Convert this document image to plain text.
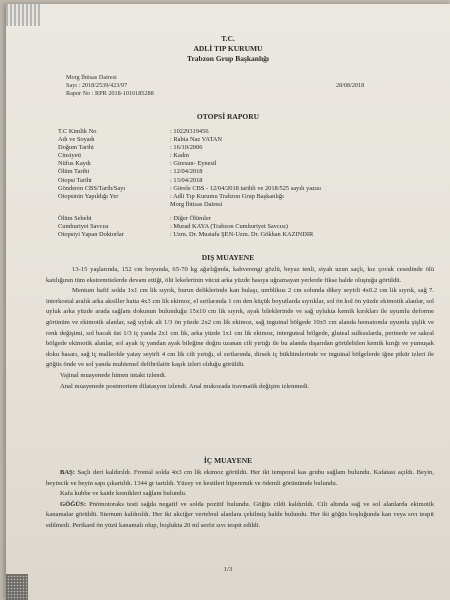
T.C.
ADLİ TIP KURUMU
Trabzon Grup Başkanlığı
Morg İhtisas Dairesi
Sayı : 2018/2539/423/97
Rapor No : RPR 2018-1010185288
28/08/2018
OTOPSİ RAPORU
T.C Kimlik No	: 10229319456
Adı ve Soyadı	: Rabia Naz VATAN
Doğum Tarihi	: 16/10/2006
Cinsiyeti	: Kadın
Nüfus Kaydı	: Giresun- Eynesil
Ölüm Tarihi	: 12/04/2018
Otopsi Tarihi	: 13/04/2018
Gönderen CBS/Tarih/Sayı	: Görele CBS - 12/04/2018 tarihli ve 2018/525 sayılı yazısı
Otopsinin Yapıldığı Yer	: Adli Tıp Kurumu Trabzon Grup Başkanlığı
Morg İhtisas Dairesi
Ölüm Sebebi	: Diğer Ölümler
Cumhuriyet Savcısı	: Murad KAYA (Trabzon Cumhuriyet Savcısı)
Otopsiyi Yapan Doktorlar	: Uzm. Dr. Mustafa ŞEN-Uzm. Dr. Gökhan KAZINDIR
DIŞ MUAYENE

13-15 yaşlarında, 152 cm boyunda, 65-70 kg ağırlığında, kahverengi gözlü, beyaz tenli, siyah uzun saçlı, kız çocuk cesedinde ölü katılığının tüm ekstremitelerde devam ettiği, ölü lekelerinin vücut arka yüzde basıya uğramayan yerlerde fikse halde oluştuğu görüldü.

Mentum hafif solda 1x1 cm lik sıyrık, burun deliklerinde kan bulaşı, umblikus 2 cm solunda dikey seyirli 4x0.2 cm lik sıyrık, sağ 7. interkostal aralık arka aksiller hatta 4x3 cm lik ekimoz, el sırtlarında 1 cm den küçük boyutlarda sıyrıklar, sol ön kol ön yüzde ekimotik alanlar, sol uyluk arka yüzde arada sağlam dokunun bulunduğu 15x10 cm lik sıyrık, ayak bileklerinde ve sağ uylukta kemik kırıkları ile uyumlu deforme görünüm ve ekimotik alanlar, sağ uyluk alt 1/3 ön yüzde 2x2 cm lik ekimoz, sağ inguinal bölgede 10x5 cm alanda hematomla uyumlu şişlik ve renk değişimi, sol bacak üst 1/3 iç yanda 2x1 cm lik, arka yüzde 1x1 cm lik ekimoz, interguteal bölgede, gluteal sulkuslarda, perinede ve sakral bölgede ekimotik alanlar, sol ayak iç yandan ayak bileğine doğru uzanan cilt yırtığı ile bu alanda dışarıdan görülebilen kemik kırığı ve yumuşak doku hasarı, sağ iç malleolde yatay seyirli 4 cm lik cilt yırtığı, el sırtlarında, dirsek iç büklümlerinde ve inguinal bölgelerde iğne pikür izleri ile göğüs önde ve sol yanda muhtemel defibrilatör kaşık izleri olduğu görüldü.

Vajinal muayenede himen intakt izlendi.

Anal muayenede postmortem dilatasyon izlendi. Anal mukozada travmatik değişim izlenmedi.

İÇ MUAYENE

BAŞ: Saçlı deri kaldırıldı. Frontal solda 4x3 cm lik ekimoz görüldü. Her iki temporal kas grubu sağlam bulundu. Kafatası açıldı. Beyin, beyincik ve beyin sapı çıkartıldı. 1344 gr tartıldı. Yüzey ve kesitleri hiperemik ve ödemli görünümde bulundu.

Kafa kubbe ve kaide kemikleri sağlam bulundu.

GÖĞÜS: Pnömotoraks testi sağda negatif ve solda pozitif bulundu. Göğüs cildi kaldırıldı. Cilt altında sağ ve sol alanlarda ekimotik kanamalar görüldü. Sternum kaldırıldı. Her iki akciğer vertebral alanlara çekilmiş halde bulundu. Her iki göğüs boşluğunda kan veya sıvı tespit edilmedi. Perikard ön yüzü kanamalı olup, boşlukta 20 ml seröz sıvı tespit edildi.

1/3
